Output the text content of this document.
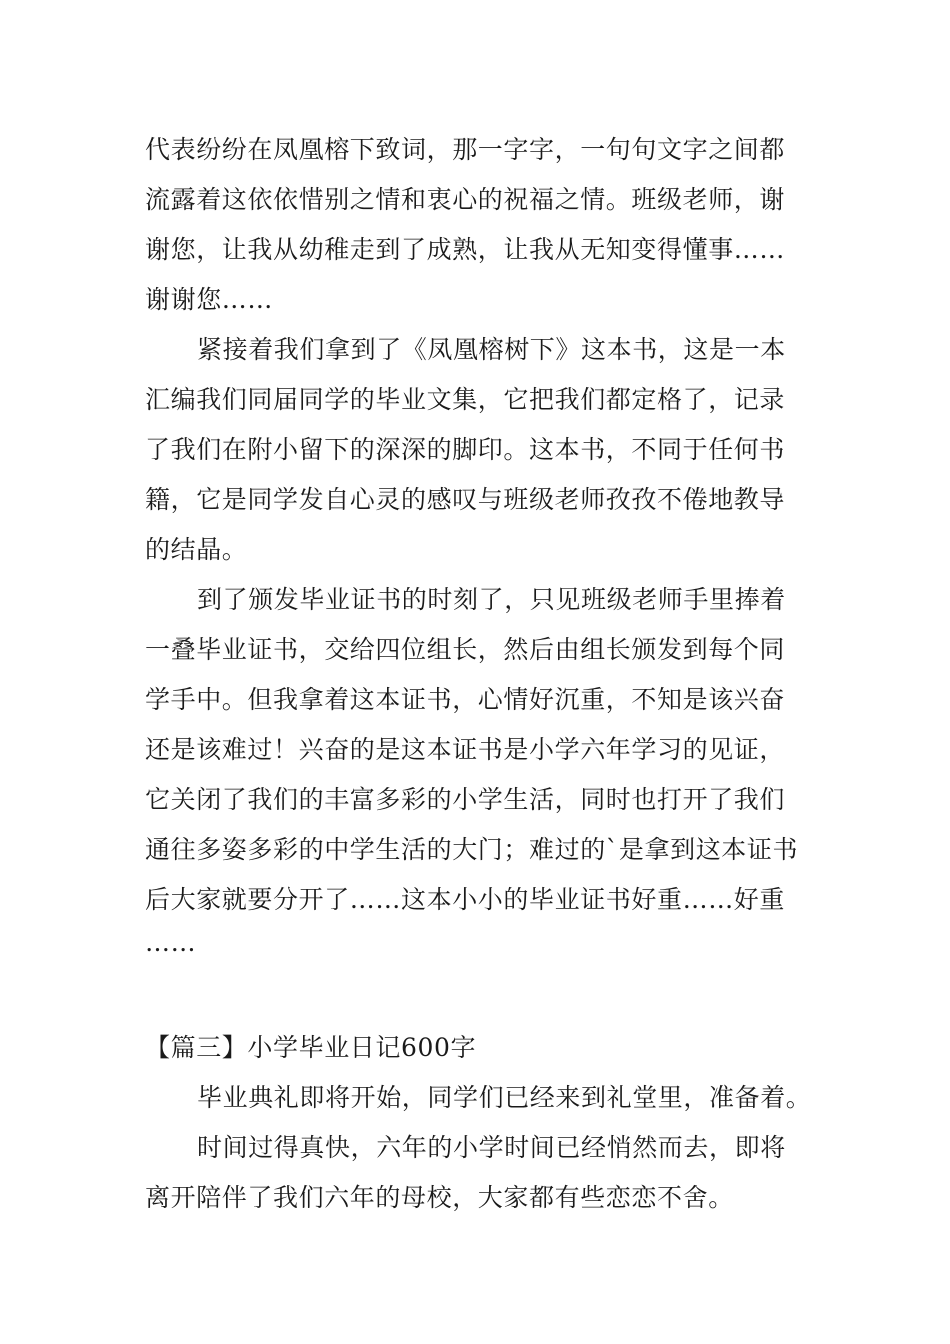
代表纷纷在凤凰榕下致词，那一字字，一句句文字之间都
流露着这依依惜别之情和衷心的祝福之情。班级老师，谢
谢您，让我从幼稚走到了成熟，让我从无知变得懂事……
谢谢您……
紧接着我们拿到了《凤凰榕树下》这本书，这是一本
汇编我们同届同学的毕业文集，它把我们都定格了，记录
了我们在附小留下的深深的脚印。这本书，不同于任何书
籍，它是同学发自心灵的感叹与班级老师孜孜不倦地教导
的结晶。
到了颁发毕业证书的时刻了，只见班级老师手里捧着
一叠毕业证书，交给四位组长，然后由组长颁发到每个同
学手中。但我拿着这本证书，心情好沉重，不知是该兴奋
还是该难过！兴奋的是这本证书是小学六年学习的见证，
它关闭了我们的丰富多彩的小学生活，同时也打开了我们
通往多姿多彩的中学生活的大门；难过的`是拿到这本证书
后大家就要分开了……这本小小的毕业证书好重……好重
……
【篇三】小学毕业日记600字
毕业典礼即将开始，同学们已经来到礼堂里，准备着。
时间过得真快，六年的小学时间已经悄然而去，即将
离开陪伴了我们六年的母校，大家都有些恋恋不舍。
